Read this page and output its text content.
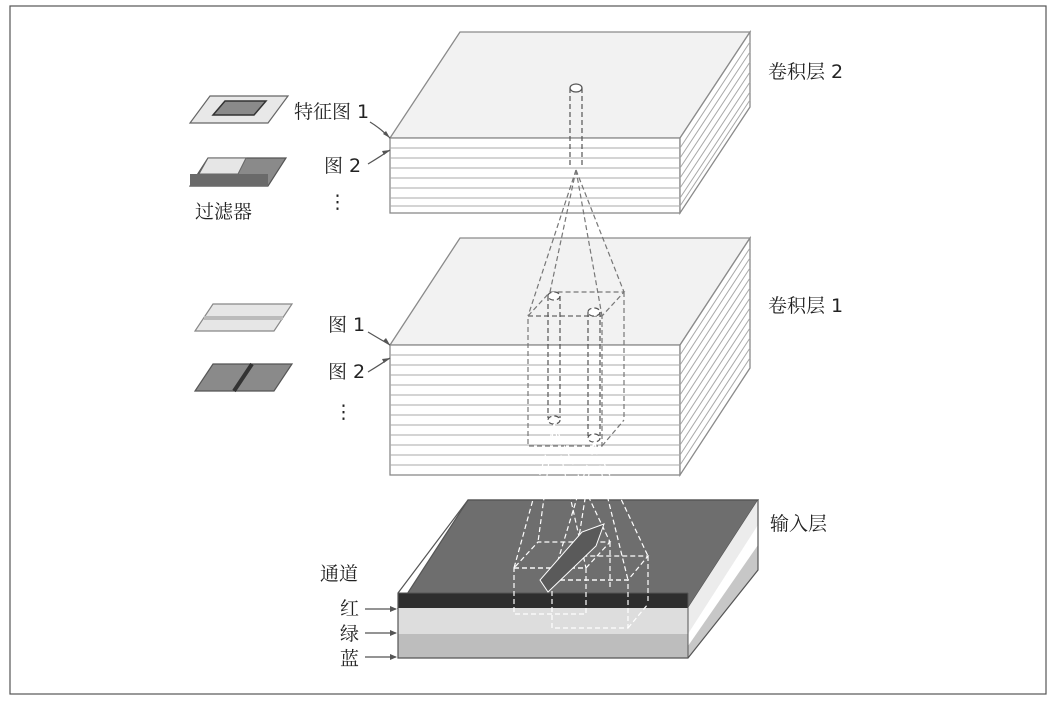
卷积层 2
卷积层 1
输入层
特征图 1
图 2
过滤器
图 1
图 2
通道
红
绿
蓝
⋮
⋮
